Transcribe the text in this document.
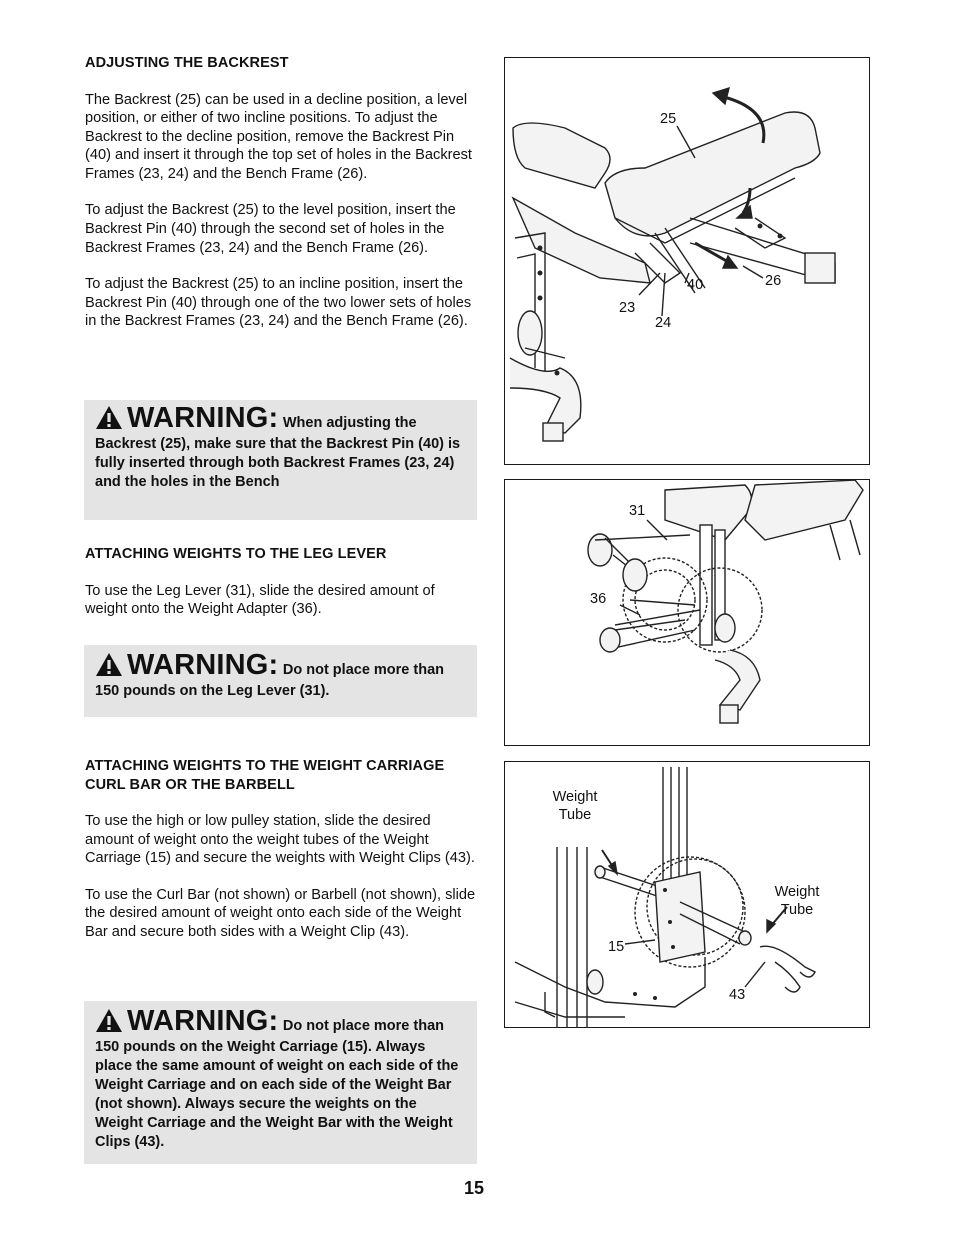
ADJUSTING THE BACKREST

The Backrest (25) can be used in a decline position, a level position, or either of two incline positions. To adjust the Backrest to the decline position, remove the Backrest Pin (40) and insert it through the top set of holes in the Backrest Frames (23, 24) and the Bench Frame (26).

To adjust the Backrest (25) to the level position, insert the Backrest Pin (40) through the second set of holes in the Backrest Frames (23, 24) and the Bench Frame (26).

To adjust the Backrest (25) to an incline position, insert the Backrest Pin (40) through one of the two lower sets of holes in the Backrest Frames (23, 24) and the Bench Frame (26).

WARNING: When adjusting the Backrest (25), make sure that the Backrest Pin (40) is fully inserted through both Backrest Frames (23, 24) and the holes in the Bench

ATTACHING WEIGHTS TO THE LEG LEVER

To use the Leg Lever (31), slide the desired amount of weight onto the Weight Adapter (36).

WARNING: Do not place more than 150 pounds on the Leg Lever (31).

ATTACHING WEIGHTS TO THE WEIGHT CARRIAGE

CURL BAR OR THE BARBELL

To use the high or low pulley station, slide the desired amount of weight onto the weight tubes of the Weight Carriage (15) and secure the weights with Weight Clips (43).

To use the Curl Bar (not shown) or Barbell (not shown), slide the desired amount of weight onto each side of the Weight Bar and secure both sides with a Weight Clip (43).

WARNING: Do not place more than 150 pounds on the Weight Carriage (15). Always place the same amount of weight on each side of the Weight Carriage and on each side of the Weight Bar (not shown). Always secure the weights on the Weight Carriage and the Weight Bar with the Weight Clips (43).
25
26
40
23
24
31
36
Weight
Tube
Weight
Tube
15
43
15
